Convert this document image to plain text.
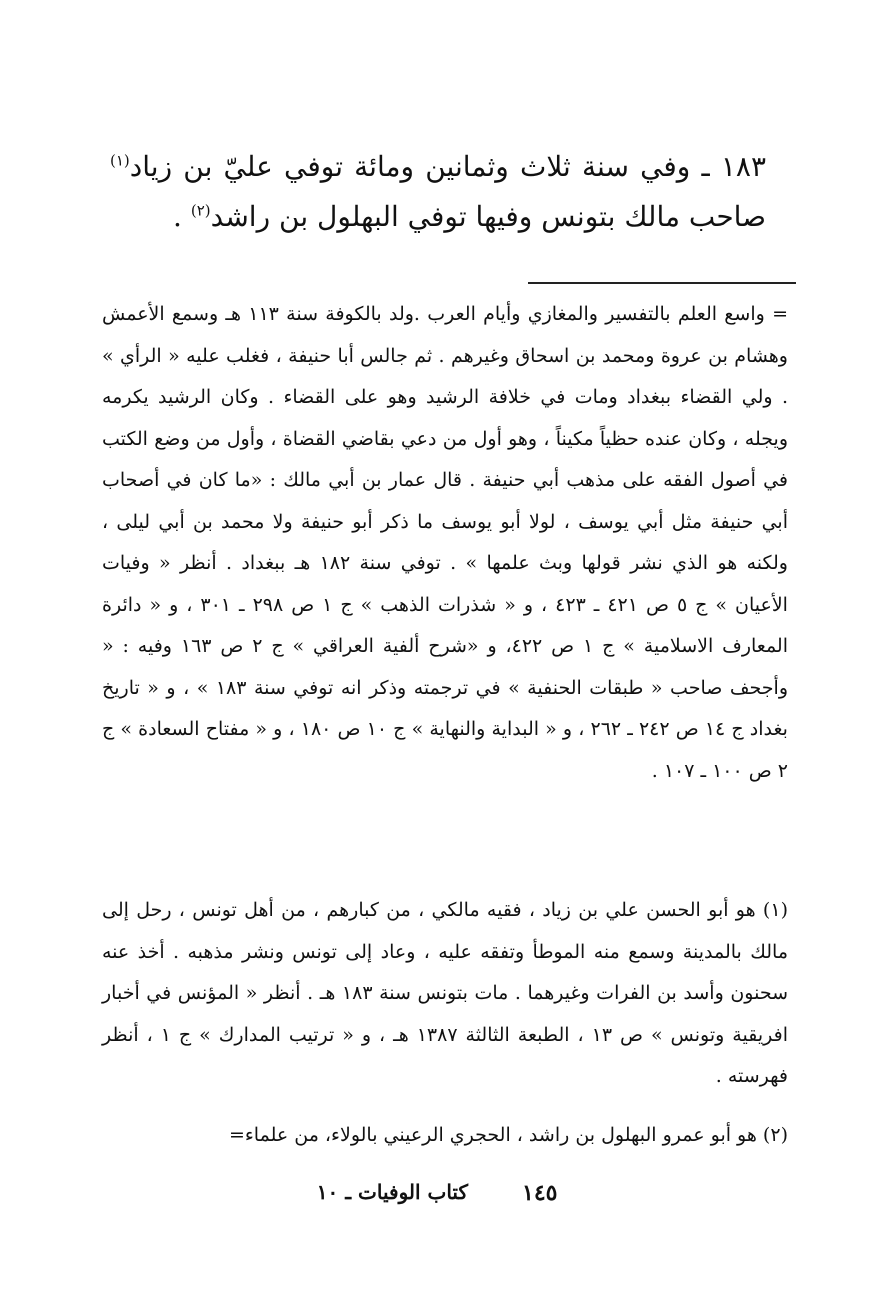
١٨٣ ـ وفي سنة ثلاث وثمانين ومائة توفي عليّ بن زياد$^{(١)}$ صاحب مالك بتونس وفيها توفي البهلول بن راشد$^{(٢)}$ .

= واسع العلم بالتفسير والمغازي وأيام العرب .ولد بالكوفة سنة ١١٣ هـ وسمع الأعمش وهشام بن عروة ومحمد بن اسحاق وغيرهم . ثم جالس أبا حنيفة ، فغلب عليه « الرأي » . ولي القضاء ببغداد ومات في خلافة الرشيد وهو على القضاء . وكان الرشيد يكرمه ويجله ، وكان عنده حظياً مكيناً ، وهو أول من دعي بقاضي القضاة ، وأول من وضع الكتب في أصول الفقه على مذهب أبي حنيفة . قال عمار بن أبي مالك : «ما كان في أصحاب أبي حنيفة مثل أبي يوسف ، لولا أبو يوسف ما ذكر أبو حنيفة ولا محمد بن أبي ليلى ، ولكنه هو الذي نشر قولها وبث علمها » . توفي سنة ١٨٢ هـ ببغداد . أنظر « وفيات الأعيان » ج ٥ ص ٤٢١ ـ ٤٢٣ ، و « شذرات الذهب » ج ١ ص ٢٩٨ ـ ٣٠١ ، و « دائرة المعارف الاسلامية » ج ١ ص ٤٢٢، و «شرح ألفية العراقي » ج ٢ ص ١٦٣ وفيه : « وأجحف صاحب « طبقات الحنفية » في ترجمته وذكر انه توفي سنة ١٨٣ » ، و « تاريخ بغداد ج ١٤ ص ٢٤٢ ـ ٢٦٢ ، و « البداية والنهاية » ج ١٠ ص ١٨٠ ، و « مفتاح السعادة » ج ٢ ص ١٠٠ ـ ١٠٧ .

(١) هو أبو الحسن علي بن زياد ، فقيه مالكي ، من كبارهم ، من أهل تونس ، رحل إلى مالك بالمدينة وسمع منه الموطأ وتفقه عليه ، وعاد إلى تونس ونشر مذهبه . أخذ عنه سحنون وأسد بن الفرات وغيرهما . مات بتونس سنة ١٨٣ هـ . أنظر « المؤنس في أخبار افريقية وتونس » ص ١٣ ، الطبعة الثالثة ١٣٨٧ هـ ، و « ترتيب المدارك » ج ١ ، أنظر فهرسته .

(٢) هو أبو عمرو البهلول بن راشد ، الحجري الرعيني بالولاء، من علماء=

١٤٥
كتاب الوفيات ـ ١٠
